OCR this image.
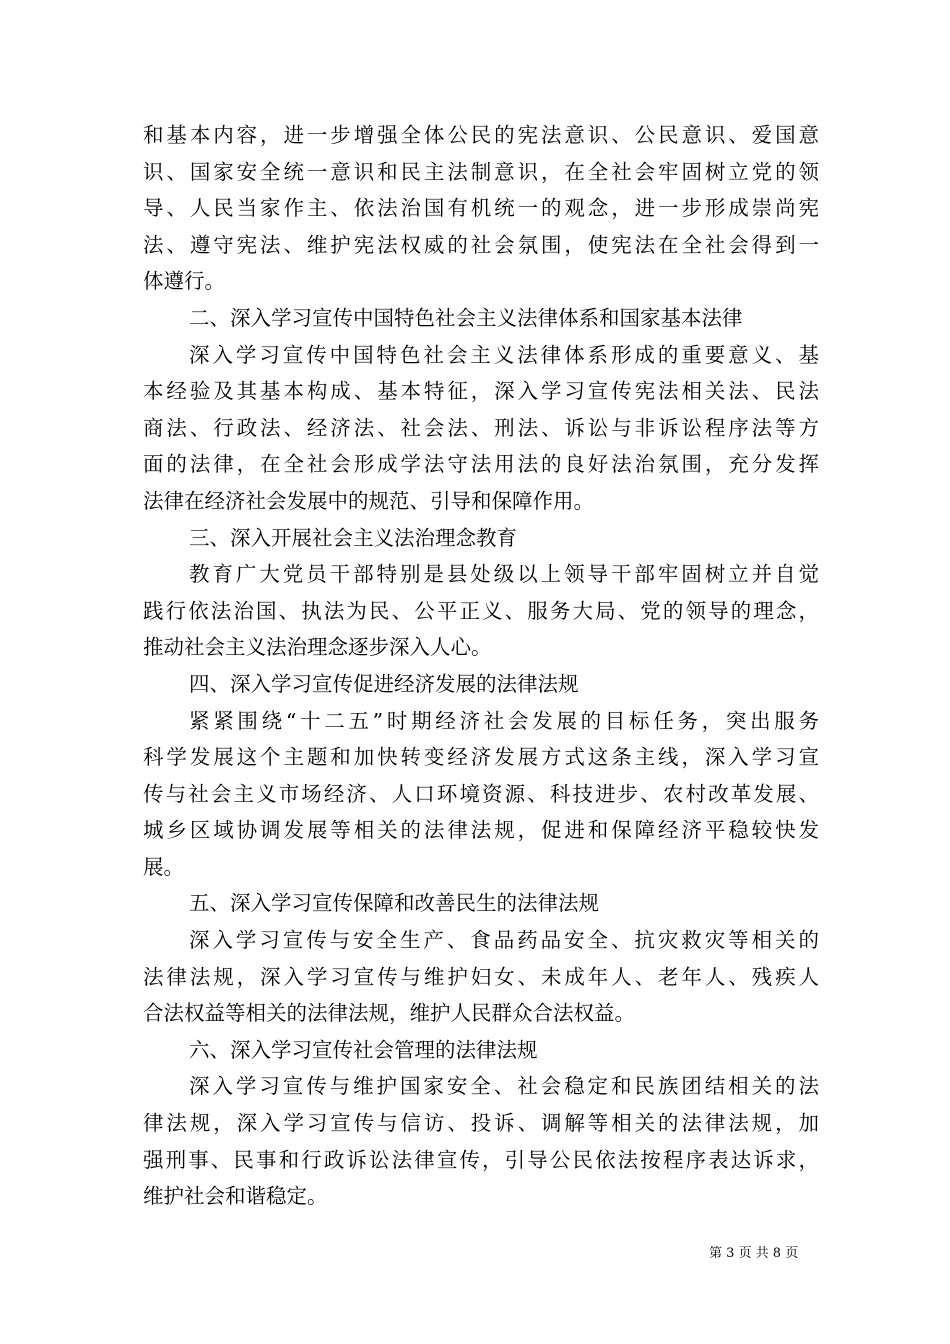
和基本内容，进一步增强全体公民的宪法意识、公民意识、爱国意
识、国家安全统一意识和民主法制意识，在全社会牢固树立党的领
导、人民当家作主、依法治国有机统一的观念，进一步形成崇尚宪
法、遵守宪法、维护宪法权威的社会氛围，使宪法在全社会得到一
体遵行。
二、深入学习宣传中国特色社会主义法律体系和国家基本法律
深入学习宣传中国特色社会主义法律体系形成的重要意义、基
本经验及其基本构成、基本特征，深入学习宣传宪法相关法、民法
商法、行政法、经济法、社会法、刑法、诉讼与非诉讼程序法等方
面的法律，在全社会形成学法守法用法的良好法治氛围，充分发挥
法律在经济社会发展中的规范、引导和保障作用。
三、深入开展社会主义法治理念教育
教育广大党员干部特别是县处级以上领导干部牢固树立并自觉
践行依法治国、执法为民、公平正义、服务大局、党的领导的理念，
推动社会主义法治理念逐步深入人心。
四、深入学习宣传促进经济发展的法律法规
紧紧围绕“十二五”时期经济社会发展的目标任务，突出服务
科学发展这个主题和加快转变经济发展方式这条主线，深入学习宣
传与社会主义市场经济、人口环境资源、科技进步、农村改革发展、
城乡区域协调发展等相关的法律法规，促进和保障经济平稳较快发
展。
五、深入学习宣传保障和改善民生的法律法规
深入学习宣传与安全生产、食品药品安全、抗灾救灾等相关的
法律法规，深入学习宣传与维护妇女、未成年人、老年人、残疾人
合法权益等相关的法律法规，维护人民群众合法权益。
六、深入学习宣传社会管理的法律法规
深入学习宣传与维护国家安全、社会稳定和民族团结相关的法
律法规，深入学习宣传与信访、投诉、调解等相关的法律法规，加
强刑事、民事和行政诉讼法律宣传，引导公民依法按程序表达诉求，
维护社会和谐稳定。
第 3 页 共 8 页
